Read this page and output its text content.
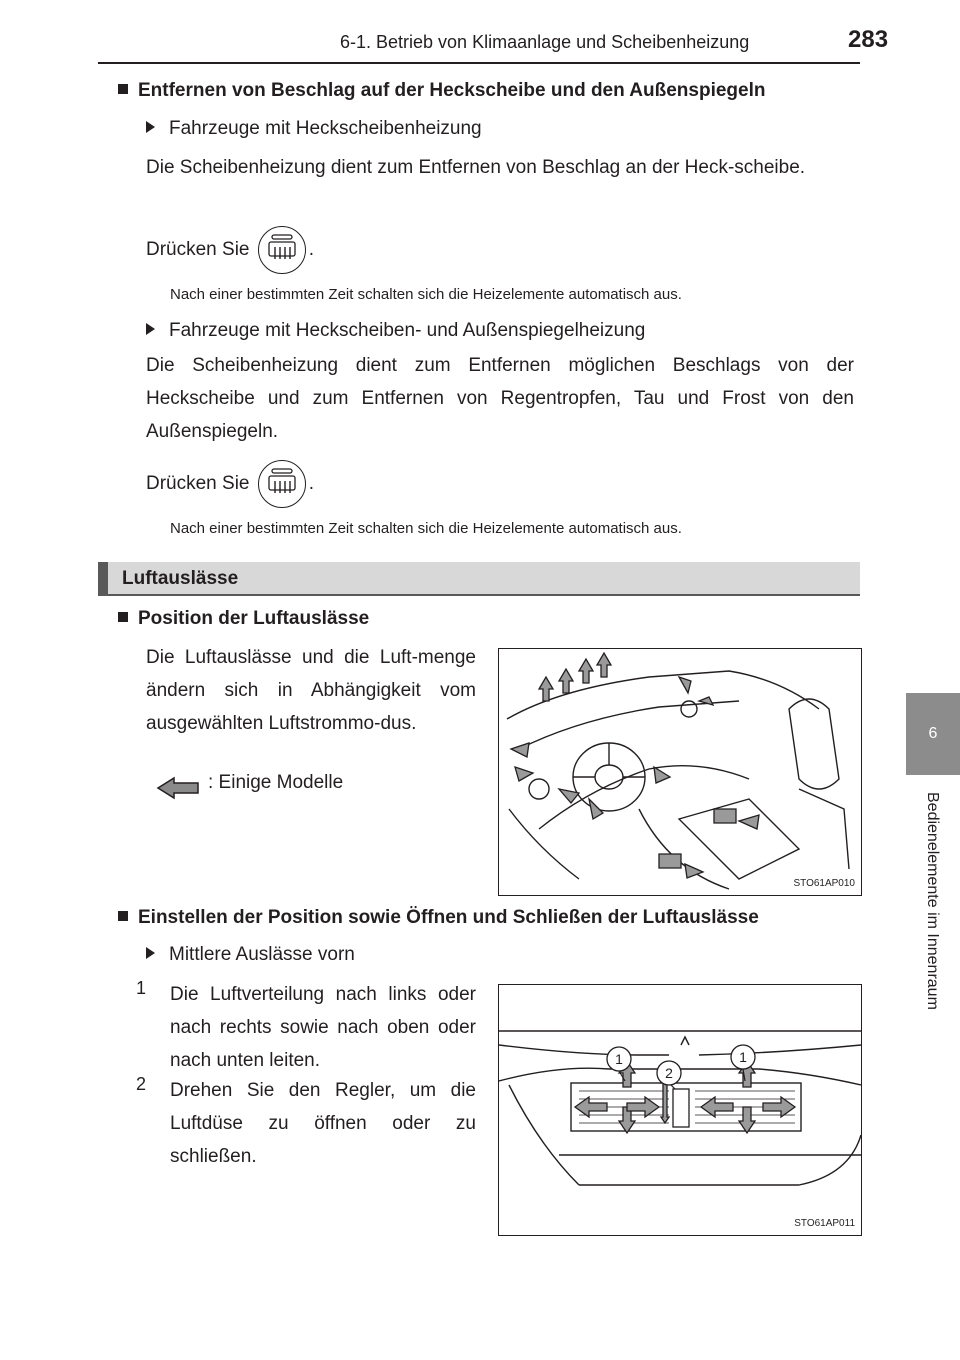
6-1. Betrieb von Klimaanlage und Scheibenheizung	283
6
Bedienelemente im Innenraum
Entfernen von Beschlag auf der Heckscheibe und den Außenspiegeln
Fahrzeuge mit Heckscheibenheizung
Die Scheibenheizung dient zum Entfernen von Beschlag an der Heck-scheibe.
Drücken Sie	.
Nach einer bestimmten Zeit schalten sich die Heizelemente automatisch aus.
Fahrzeuge mit Heckscheiben- und Außenspiegelheizung
Die Scheibenheizung dient zum Entfernen möglichen Beschlags von der Heckscheibe und zum Entfernen von Regentropfen, Tau und Frost von den Außenspiegeln.
Drücken Sie	.
Nach einer bestimmten Zeit schalten sich die Heizelemente automatisch aus.
Luftauslässe
Position der Luftauslässe
Die Luftauslässe und die Luft-menge ändern sich in Abhängigkeit vom ausgewählten Luftstrommo-dus.
: Einige Modelle
STO61AP010
Einstellen der Position sowie Öffnen und Schließen der Luftauslässe
Mittlere Auslässe vorn
1 Die Luftverteilung nach links oder nach rechts sowie nach oben oder nach unten leiten.
2 Drehen Sie den Regler, um die Luftdüse zu öffnen oder zu schließen.
1
2
1
STO61AP011
